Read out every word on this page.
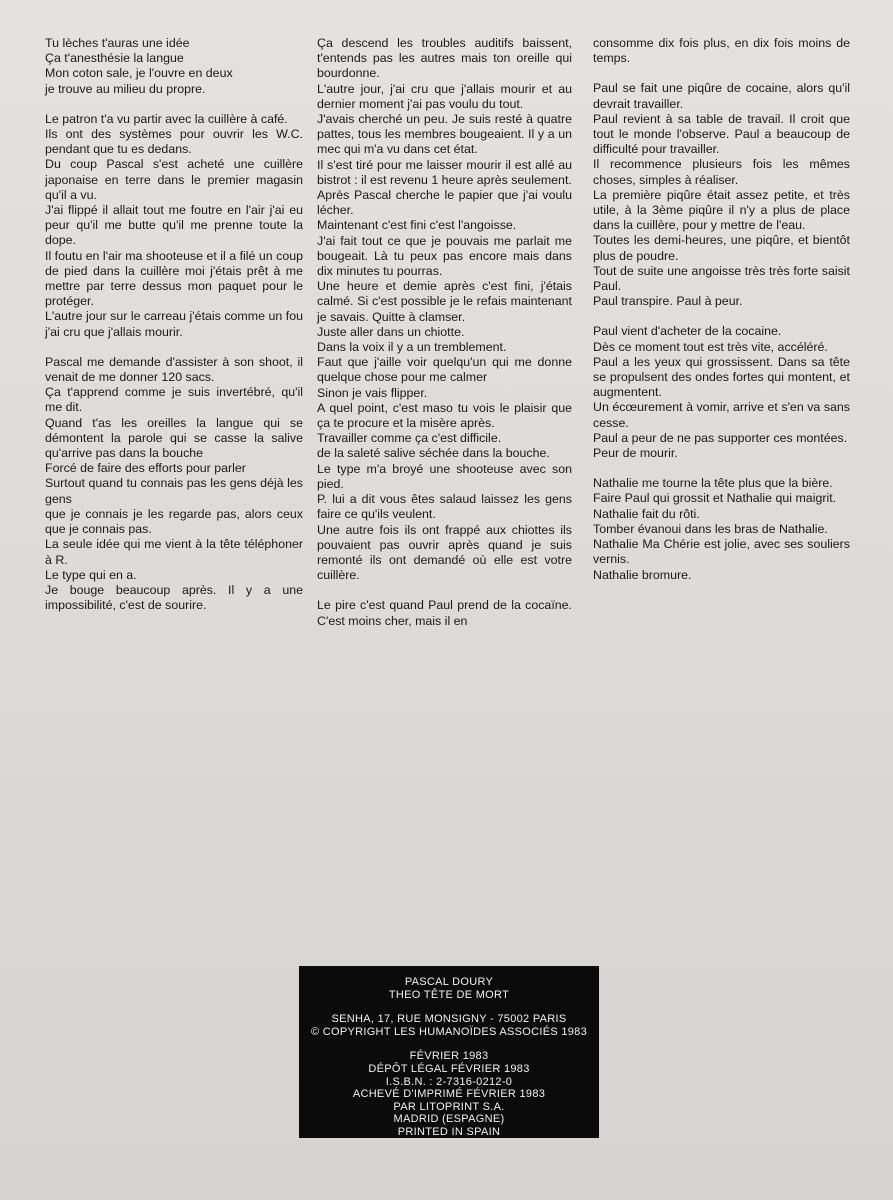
Tu lèches t'auras une idée
Ça t'anesthésie la langue
Mon coton sale, je l'ouvre en deux
je trouve au milieu du propre.

Le patron t'a vu partir avec la cuillère à café.
Ils ont des systèmes pour ouvrir les W.C. pendant que tu es dedans.
Du coup Pascal s'est acheté une cuillère japonaise en terre dans le premier magasin qu'il a vu.
J'ai flippé il allait tout me foutre en l'air j'ai eu peur qu'il me butte qu'il me prenne toute la dope.
Il foutu en l'air ma shooteuse et il a filé un coup de pied dans la cuillère moi j'étais prêt à me mettre par terre dessus mon paquet pour le protéger.
L'autre jour sur le carreau j'étais comme un fou j'ai cru que j'allais mourir.

Pascal me demande d'assister à son shoot, il venait de me donner 120 sacs.
Ça t'apprend comme je suis invertébré, qu'il me dit.
Quand t'as les oreilles la langue qui se démontent la parole qui se casse la salive qu'arrive pas dans la bouche
Forcé de faire des efforts pour parler
Surtout quand tu connais pas les gens déjà les gens
que je connais je les regarde pas, alors ceux que je connais pas.
La seule idée qui me vient à la tête téléphoner à R.
Le type qui en a.
Je bouge beaucoup après. Il y a une impossibilité, c'est de sourire.

Ça descend les troubles auditifs baissent, t'entends pas les autres mais ton oreille qui bourdonne.
L'autre jour, j'ai cru que j'allais mourir et au dernier moment j'ai pas voulu du tout.
J'avais cherché un peu. Je suis resté à quatre pattes, tous les membres bougeaient. Il y a un mec qui m'a vu dans cet état.
Il s'est tiré pour me laisser mourir il est allé au bistrot : il est revenu 1 heure après seulement.
Après Pascal cherche le papier que j'ai voulu lécher.
Maintenant c'est fini c'est l'angoisse.
J'ai fait tout ce que je pouvais me parlait me bougeait. Là tu peux pas encore mais dans dix minutes tu pourras.
Une heure et demie après c'est fini, j'étais calmé. Si c'est possible je le refais maintenant je savais. Quitte à clamser.
Juste aller dans un chiotte.
Dans la voix il y a un tremblement.
Faut que j'aille voir quelqu'un qui me donne quelque chose pour me calmer
Sinon je vais flipper.
A quel point, c'est maso tu vois le plaisir que ça te procure et la misère après.
Travailler comme ça c'est difficile.
de la saleté salive séchée dans la bouche.
Le type m'a broyé une shooteuse avec son pied.
P. lui a dit vous êtes salaud laissez les gens faire ce qu'ils veulent.
Une autre fois ils ont frappé aux chiottes ils pouvaient pas ouvrir après quand je suis remonté ils ont demandé où elle est votre cuillère.

Le pire c'est quand Paul prend de la cocaïne. C'est moins cher, mais il en

consomme dix fois plus, en dix fois moins de temps.

Paul se fait une piqûre de cocaine, alors qu'il devrait travailler.
Paul revient à sa table de travail. Il croit que tout le monde l'observe. Paul a beaucoup de difficulté pour travailler.
Il recommence plusieurs fois les mêmes choses, simples à réaliser.
La première piqûre était assez petite, et très utile, à la 3ème piqûre il n'y a plus de place dans la cuillère, pour y mettre de l'eau.
Toutes les demi-heures, une piqûre, et bientôt plus de poudre.
Tout de suite une angoisse très très forte saisit Paul.
Paul transpire. Paul à peur.

Paul vient d'acheter de la cocaine.
Dès ce moment tout est très vite, accéléré.
Paul a les yeux qui grossissent. Dans sa tête se propulsent des ondes fortes qui montent, et augmentent.
Un écœurement à vomir, arrive et s'en va sans cesse.
Paul a peur de ne pas supporter ces montées.
Peur de mourir.

Nathalie me tourne la tête plus que la bière.
Faire Paul qui grossit et Nathalie qui maigrit.
Nathalie fait du rôti.
Tomber évanoui dans les bras de Nathalie.
Nathalie Ma Chérie est jolie, avec ses souliers vernis.
Nathalie bromure.

PASCAL DOURY
THEO TÊTE DE MORT
SENHA, 17, RUE MONSIGNY - 75002 PARIS
© COPYRIGHT LES HUMANOÏDES ASSOCIÉS 1983
FÉVRIER 1983
DÉPÔT LÉGAL FÉVRIER 1983
I.S.B.N. : 2-7316-0212-0
ACHEVÉ D'IMPRIMÉ FÉVRIER 1983
PAR LITOPRINT S.A.
MADRID (ESPAGNE)
PRINTED IN SPAIN
